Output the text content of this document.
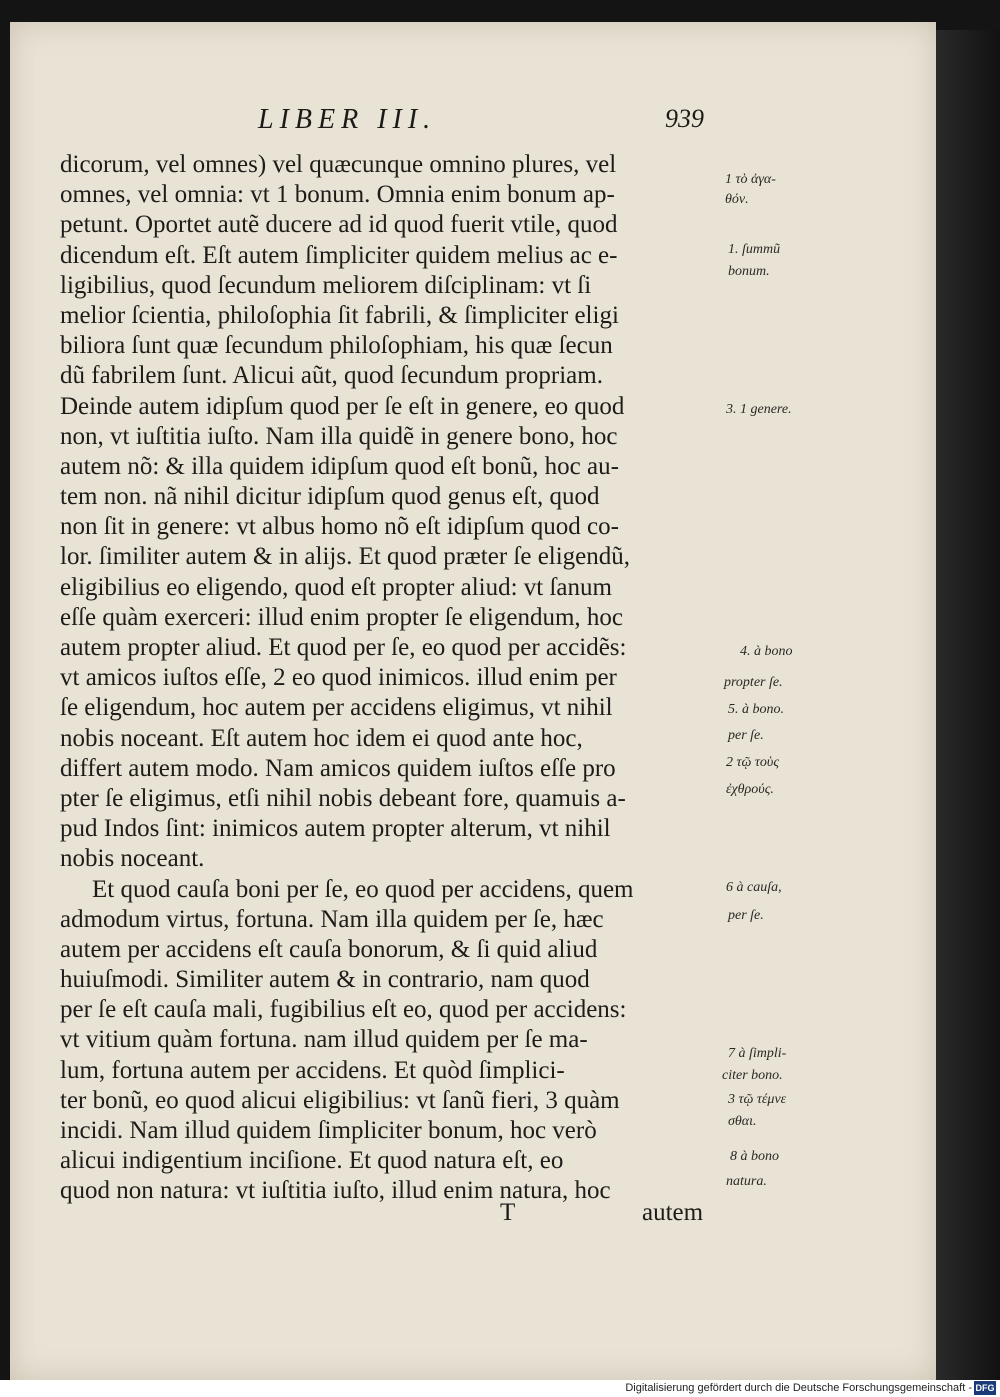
LIBER III.	939
dicorum, vel omnes) vel quæcunque omnino plures, vel
omnes, vel omnia: vt 1 bonum. Omnia enim bonum ap-
petunt. Oportet autẽ ducere ad id quod fuerit vtile, quod
dicendum eſt. Eſt autem ſimpliciter quidem melius ac e-
ligibilius, quod ſecundum meliorem diſciplinam: vt ſi
melior ſcientia, philoſophia ſit fabrili, & ſimpliciter eligi
biliora ſunt quæ ſecundum philoſophiam, his quæ ſecun
dũ fabrilem ſunt. Alicui aũt, quod ſecundum propriam.
Deinde autem idipſum quod per ſe eſt in genere, eo quod
non, vt iuſtitia iuſto. Nam illa quidẽ in genere bono, hoc
autem nõ: & illa quidem idipſum quod eſt bonũ, hoc au-
tem non. nã nihil dicitur idipſum quod genus eſt, quod
non ſit in genere: vt albus homo nõ eſt idipſum quod co-
lor. ſimiliter autem & in alijs. Et quod præter ſe eligendũ,
eligibilius eo eligendo, quod eſt propter aliud: vt ſanum
eſſe quàm exerceri: illud enim propter ſe eligendum, hoc
autem propter aliud. Et quod per ſe, eo quod per accidẽs:
vt amicos iuſtos eſſe, 2 eo quod inimicos. illud enim per
ſe eligendum, hoc autem per accidens eligimus, vt nihil
nobis noceant. Eſt autem hoc idem ei quod ante hoc,
differt autem modo. Nam amicos quidem iuſtos eſſe pro
pter ſe eligimus, etſi nihil nobis debeant fore, quamuis a-
pud Indos ſint: inimicos autem propter alterum, vt nihil
nobis noceant.
Et quod cauſa boni per ſe, eo quod per accidens, quem
admodum virtus, fortuna. Nam illa quidem per ſe, hæc
autem per accidens eſt cauſa bonorum, & ſi quid aliud
huiuſmodi. Similiter autem & in contrario, nam quod
per ſe eſt cauſa mali, fugibilius eſt eo, quod per accidens:
vt vitium quàm fortuna. nam illud quidem per ſe ma-
lum, fortuna autem per accidens. Et quòd ſimplici-
ter bonũ, eo quod alicui eligibilius: vt ſanũ fieri, 3 quàm
incidi. Nam illud quidem ſimpliciter bonum, hoc verò
alicui indigentium inciſione. Et quod natura eſt, eo
quod non natura: vt iuſtitia iuſto, illud enim natura, hoc
1 τὸ ἀγα-
θόν.
1. ſummũ
bonum.
3. 1 genere.
4. à bono
propter ſe.
5. à bono.
per ſe.
2 τῷ τοὺς
ἐχθρούς.
6 à cauſa,
per ſe.
7 à ſimpli-
citer bono.
3 τῷ τέμνε
σθαι.
8 à bono
natura.
T	autem
Digitalisierung gefördert durch die Deutsche Forschungsgemeinschaft - DFG
